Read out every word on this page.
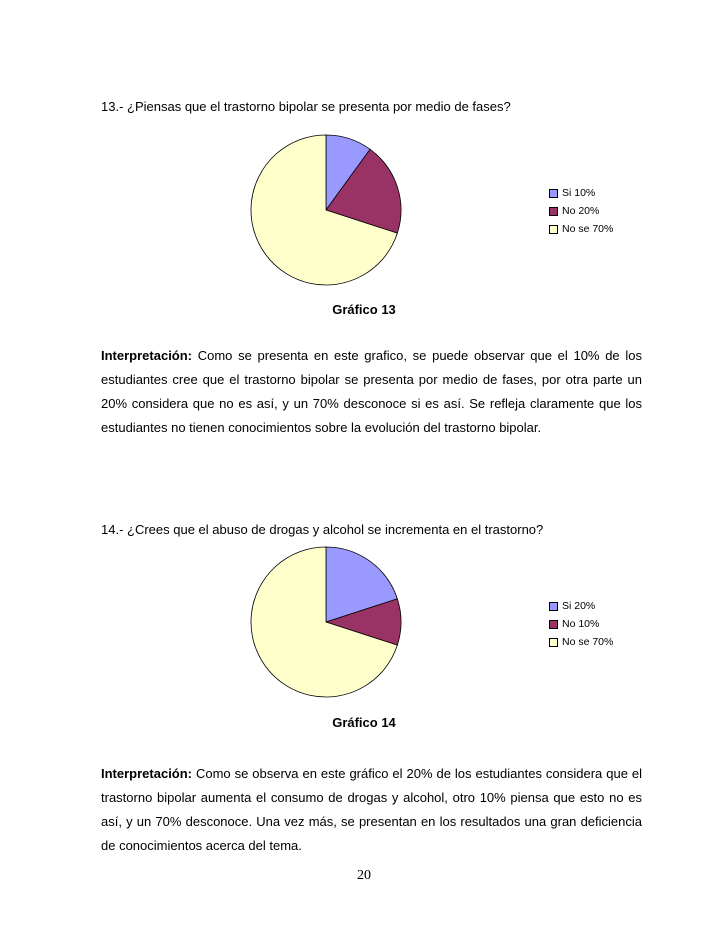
13.- ¿Piensas que el trastorno bipolar se presenta por medio de fases?
Si 10%
No 20%
No se 70%
Gráfico 13
Interpretación: Como se presenta en este grafico, se puede observar que el 10% de los estudiantes cree que el trastorno bipolar se presenta por medio de fases, por otra parte un 20% considera que no es así, y un 70% desconoce si es así. Se refleja claramente que los estudiantes no tienen conocimientos sobre la evolución del trastorno bipolar.
14.- ¿Crees que el abuso de drogas y alcohol se incrementa en el trastorno?
Si 20%
No 10%
No se 70%
Gráfico 14
Interpretación: Como se observa en este gráfico el 20% de los estudiantes considera que el trastorno bipolar aumenta el consumo de drogas y alcohol, otro 10% piensa que esto no es así, y un 70% desconoce. Una vez más, se presentan en los resultados una gran deficiencia de conocimientos acerca del tema.
20
